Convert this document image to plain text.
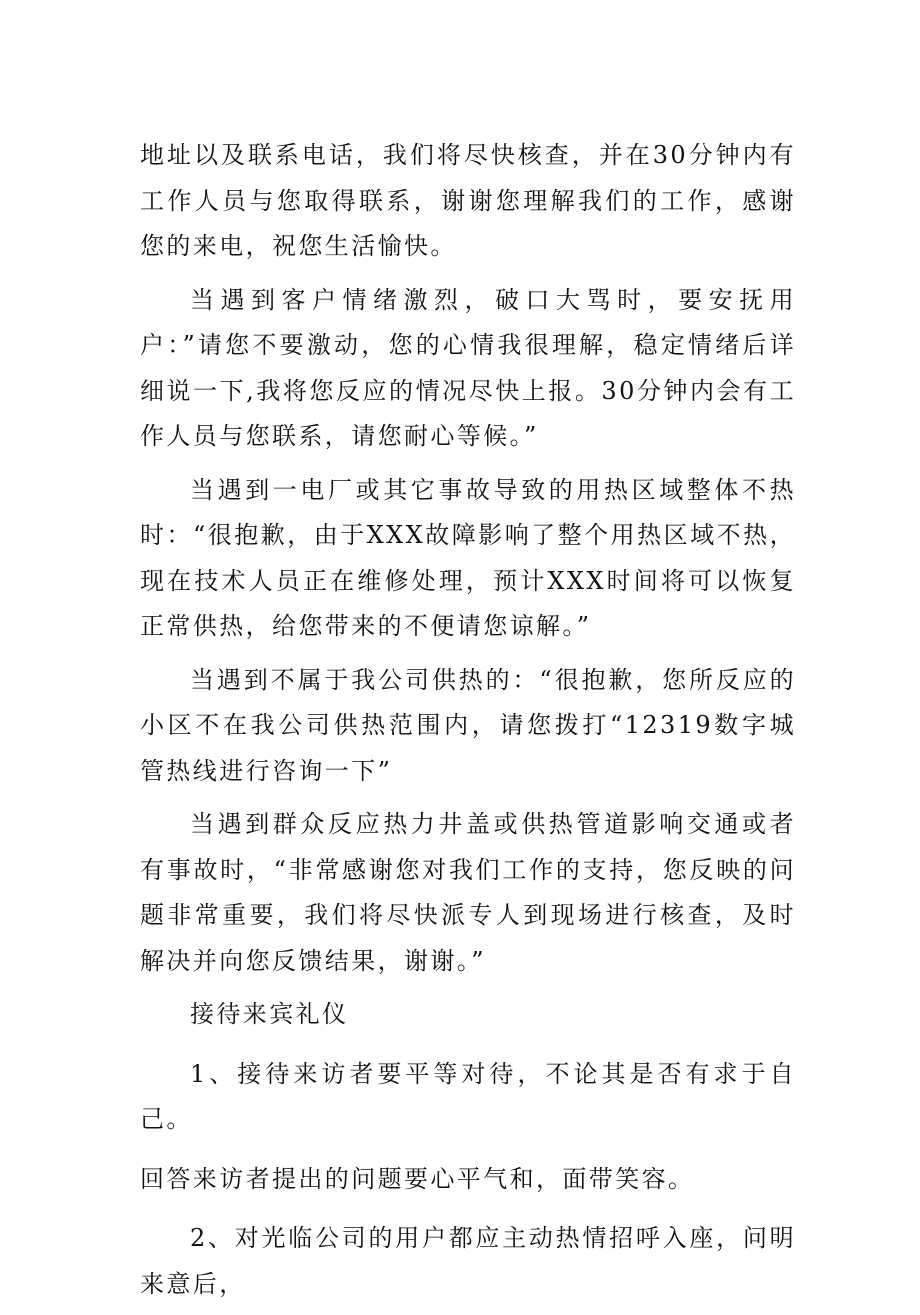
地址以及联系电话，我们将尽快核查，并在30分钟内有工作人员与您取得联系，谢谢您理解我们的工作，感谢您的来电，祝您生活愉快。

当遇到客户情绪激烈，破口大骂时，要安抚用户：”请您不要激动，您的心情我很理解，稳定情绪后详细说一下,我将您反应的情况尽快上报。30分钟内会有工作人员与您联系，请您耐心等候。”

当遇到一电厂或其它事故导致的用热区域整体不热时：“很抱歉，由于XXX故障影响了整个用热区域不热，现在技术人员正在维修处理，预计XXX时间将可以恢复正常供热，给您带来的不便请您谅解。”

当遇到不属于我公司供热的：“很抱歉，您所反应的小区不在我公司供热范围内，请您拨打“12319数字城管热线进行咨询一下”

当遇到群众反应热力井盖或供热管道影响交通或者有事故时，“非常感谢您对我们工作的支持，您反映的问题非常重要，我们将尽快派专人到现场进行核查，及时解决并向您反馈结果，谢谢。”

接待来宾礼仪

1、接待来访者要平等对待，不论其是否有求于自己。

回答来访者提出的问题要心平气和，面带笑容。

2、对光临公司的用户都应主动热情招呼入座，问明来意后，
